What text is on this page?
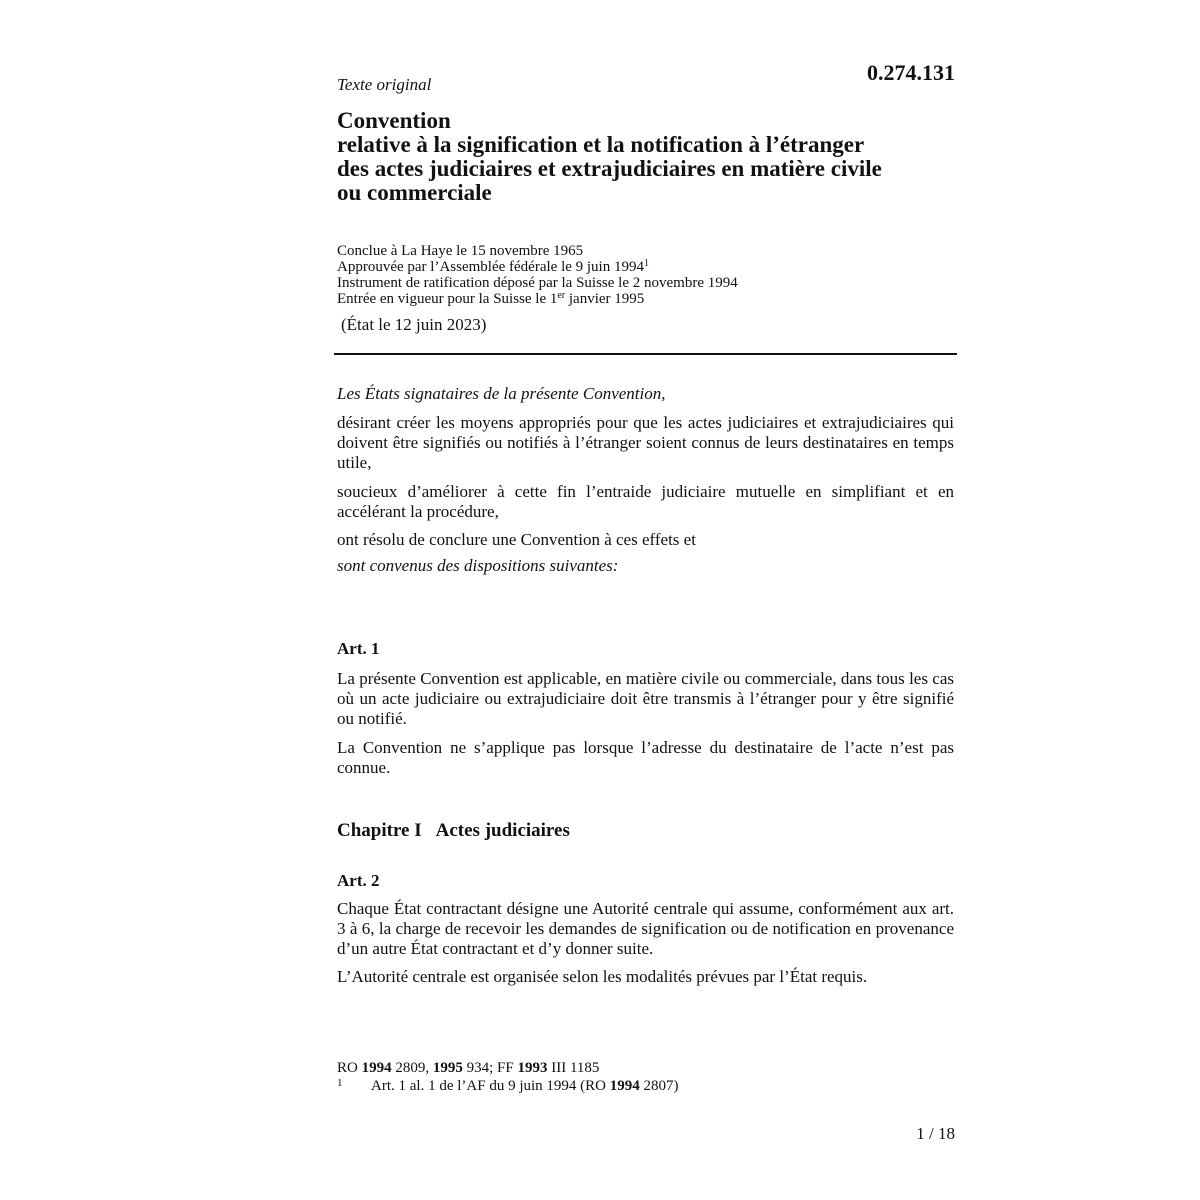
0.274.131
Texte original
Convention
relative à la signification et la notification à l’étranger
des actes judiciaires et extrajudiciaires en matière civile
ou commerciale
Conclue à La Haye le 15 novembre 1965
Approuvée par l’Assemblée fédérale le 9 juin 1994$^1$
Instrument de ratification déposé par la Suisse le 2 novembre 1994
Entrée en vigueur pour la Suisse le 1er janvier 1995
(État le 12 juin 2023)

Les États signataires de la présente Convention,

désirant créer les moyens appropriés pour que les actes judiciaires et extrajudiciaires qui doivent être signifiés ou notifiés à l’étranger soient connus de leurs destinataires en temps utile,

soucieux d’améliorer à cette fin l’entraide judiciaire mutuelle en simplifiant et en accélérant la procédure,

ont résolu de conclure une Convention à ces effets et

sont convenus des dispositions suivantes:

Art. 1

La présente Convention est applicable, en matière civile ou commerciale, dans tous les cas où un acte judiciaire ou extrajudiciaire doit être transmis à l’étranger pour y être signifié ou notifié.

La Convention ne s’applique pas lorsque l’adresse du destinataire de l’acte n’est pas connue.

Chapitre I Actes judiciaires
Art. 2

Chaque État contractant désigne une Autorité centrale qui assume, conformément aux art. 3 à 6, la charge de recevoir les demandes de signification ou de notification en provenance d’un autre État contractant et d’y donner suite.

L’Autorité centrale est organisée selon les modalités prévues par l’État requis.

RO 1994 2809, 1995 934; FF 1993 III 1185
1 Art. 1 al. 1 de l’AF du 9 juin 1994 (RO 1994 2807)
1 / 18
